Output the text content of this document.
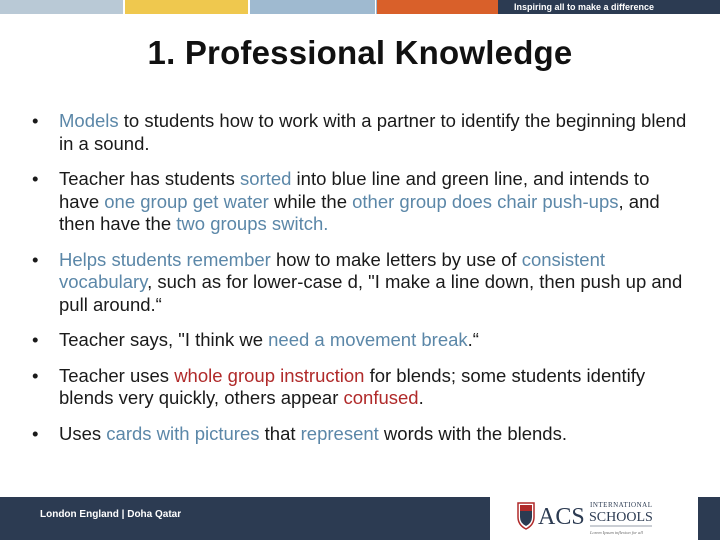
Inspiring all to make a difference
1. Professional Knowledge
• Models to students how to work with a partner to identify the beginning blend in a sound.
• Teacher has students sorted into blue line and green line, and intends to have one group get water while the other group does chair push-ups, and then have the two groups switch.
• Helps students remember how to make letters by use of consistent vocabulary, such as for lower-case d, "I make a line down, then push up and pull around.“
• Teacher says, "I think we need a movement break.“
• Teacher uses whole group instruction for blends; some students identify blends very quickly, others appear confused.
• Uses cards with pictures that represent words with the blends.
London England | Doha Qatar	ACS INTERNATIONAL
SCHOOLS
Lorem Ipsum inflexion for all
